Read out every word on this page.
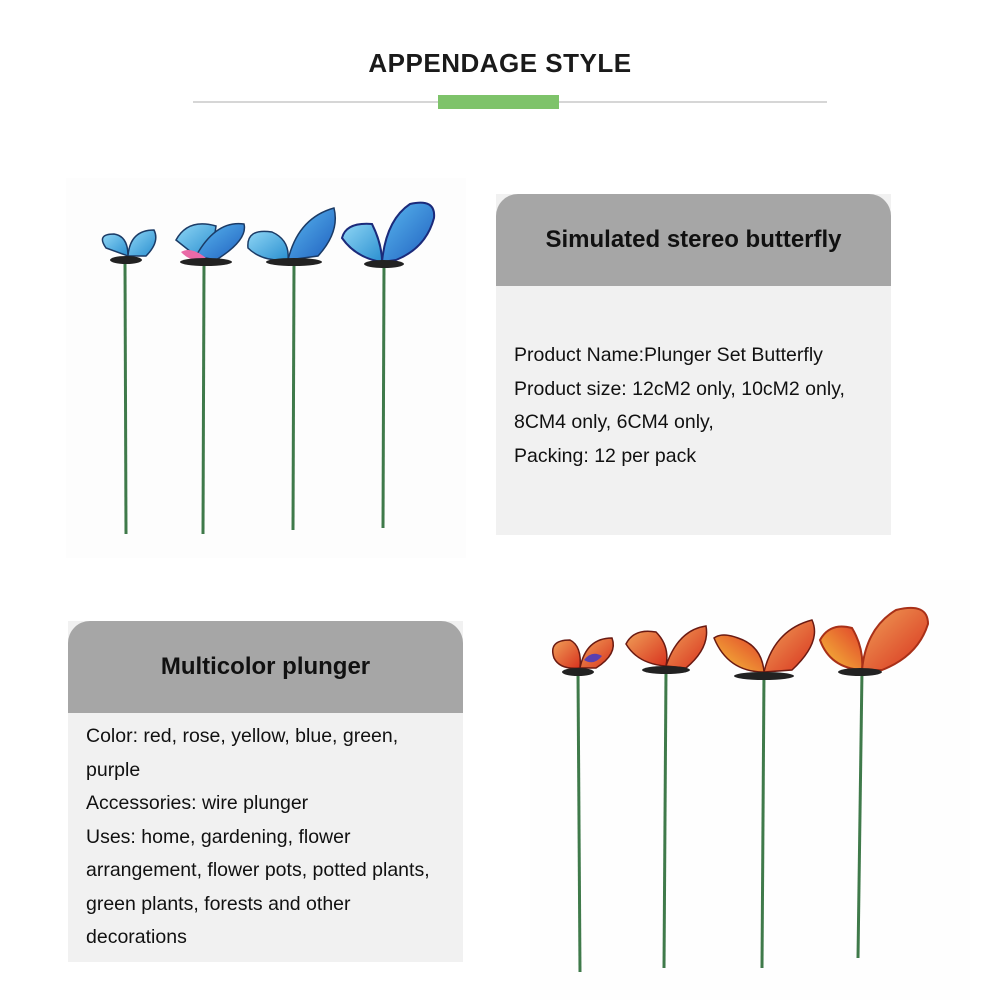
APPENDAGE STYLE
Simulated stereo butterfly

Product Name:Plunger Set Butterfly

Product size: 12cM2 only, 10cM2 only,

8CM4 only, 6CM4 only,

Packing: 12 per pack

Multicolor plunger

Color: red, rose, yellow, blue, green,

purple

Accessories: wire plunger

Uses: home, gardening, flower

arrangement, flower pots, potted plants,

green plants, forests and other

decorations
